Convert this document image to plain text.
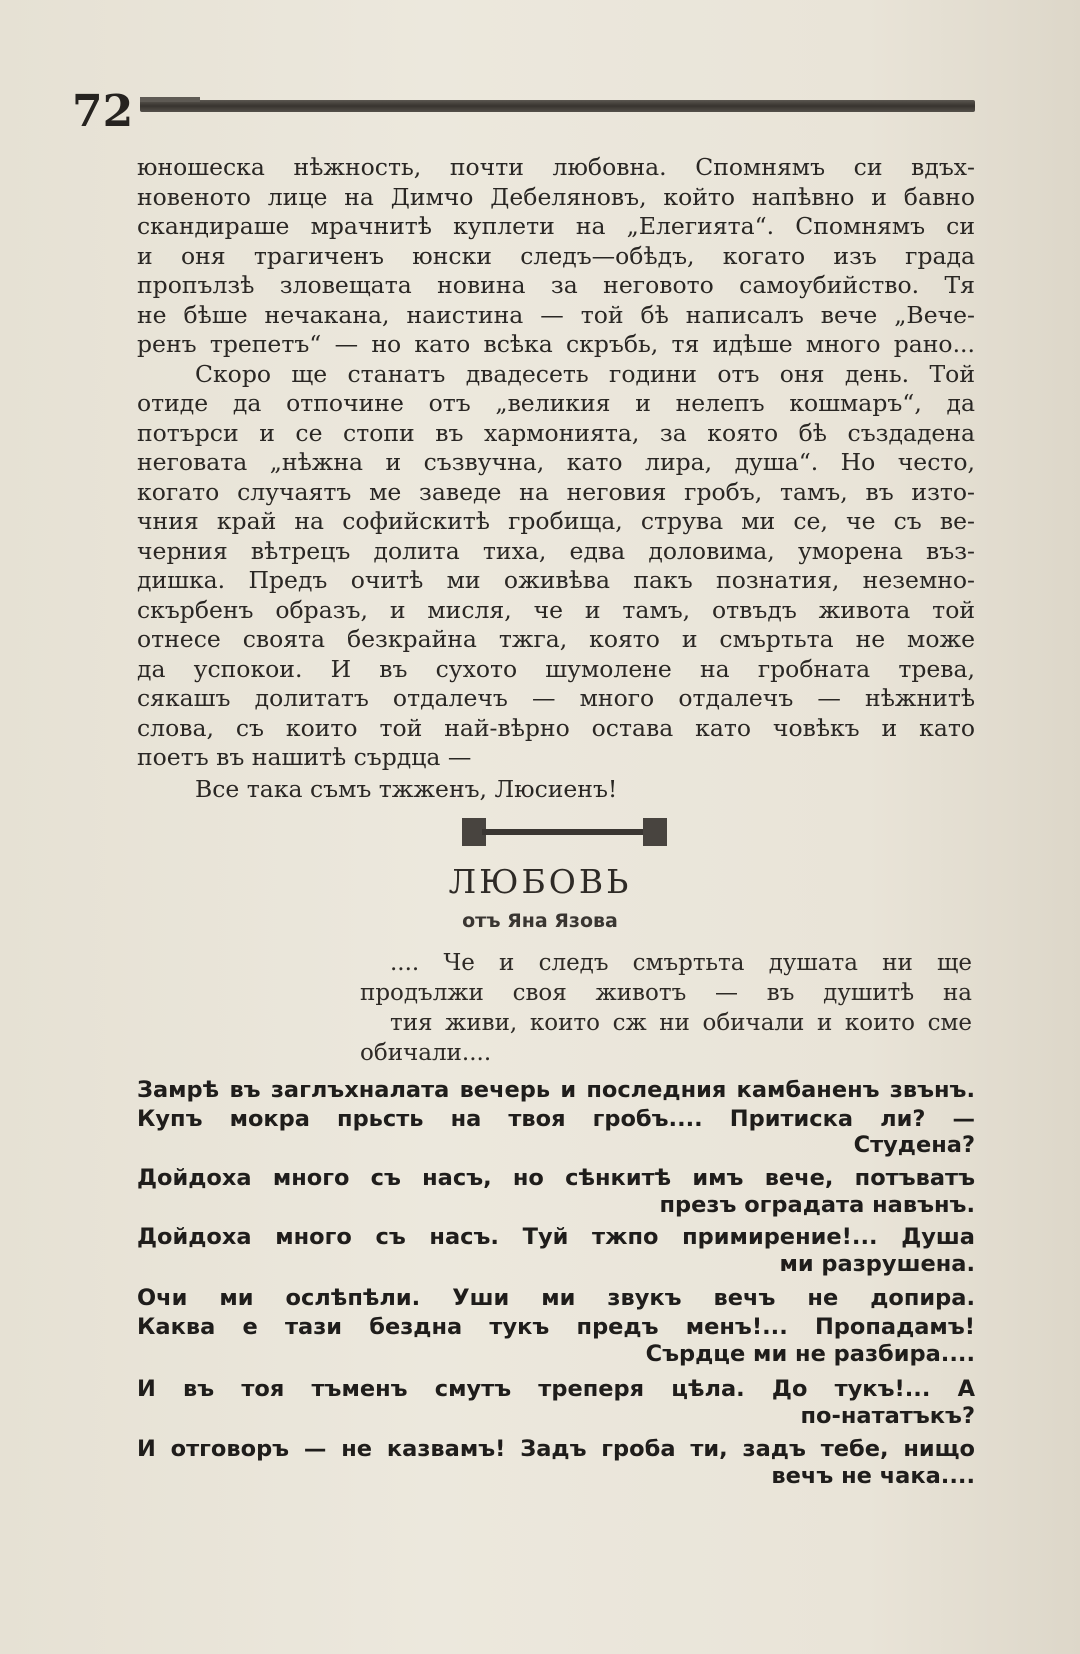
72
юношеска нѣжность, почти любовна. Спомнямъ си вдъх-
новеното лице на Димчо Дебеляновъ, който напѣвно и бавно
скандираше мрачнитѣ куплети на „Елегията“. Спомнямъ си
и оня трагиченъ юнски следъ—обѣдъ, когато изъ града
пропълзѣ зловещата новина за неговото самоубийство. Тя
не бѣше нечакана, наистина — той бѣ написалъ вече „Вече-
ренъ трепетъ“ — но като всѣка скръбь, тя идѣше много рано...
Скоро ще станатъ двадесеть години отъ оня день. Той
отиде да отпочине отъ „великия и нелепъ кошмаръ“, да
потърси и се стопи въ хармонията, за която бѣ създадена
неговата „нѣжна и съзвучна, като лира, душа“. Но често,
когато случаятъ ме заведе на неговия гробъ, тамъ, въ изто-
чния край на софийскитѣ гробища, струва ми се, че съ ве-
черния вѣтрецъ долита тиха, едва доловима, уморена въз-
дишка. Предъ очитѣ ми оживѣва пакъ познатия, неземно-
скърбенъ образъ, и мисля, че и тамъ, отвъдъ живота той
отнесе своята безкрайна тжга, която и смъртьта не може
да успокои. И въ сухото шумолене на гробната трева,
сякашъ долитатъ отдалечъ — много отдалечъ — нѣжнитѣ
слова, съ които той най-вѣрно остава като човѣкъ и като
поетъ въ нашитѣ сърдца —
Все така съмъ тжженъ, Люсиенъ!
ЛЮБОВЬ
отъ Яна Язова
.... Че и следъ смъртьта душата ни ще
продължи своя животъ — въ душитѣ на
тия живи, които сж ни обичали и които сме
обичали....
Замрѣ въ заглъхналата вечерь и последния камбаненъ звънъ.
Купъ мокра прьсть на твоя гробъ.... Притиска ли? —
Студена?
Дойдоха много съ насъ, но сѣнкитѣ имъ вече, потъватъ
презъ оградата навънъ.
Дойдоха много съ насъ. Туй тжпо примирение!... Душа
ми разрушена.
Очи ми ослѣпѣли. Уши ми звукъ вечъ не допира.
Каква е тази бездна тукъ предъ менъ!... Пропадамъ!
Сърдце ми не разбира....
И въ тоя тъменъ смутъ треперя цѣла. До тукъ!... А
по-нататъкъ?
И отговоръ — не казвамъ! Задъ гроба ти, задъ тебе, нищо
вечъ не чака....
